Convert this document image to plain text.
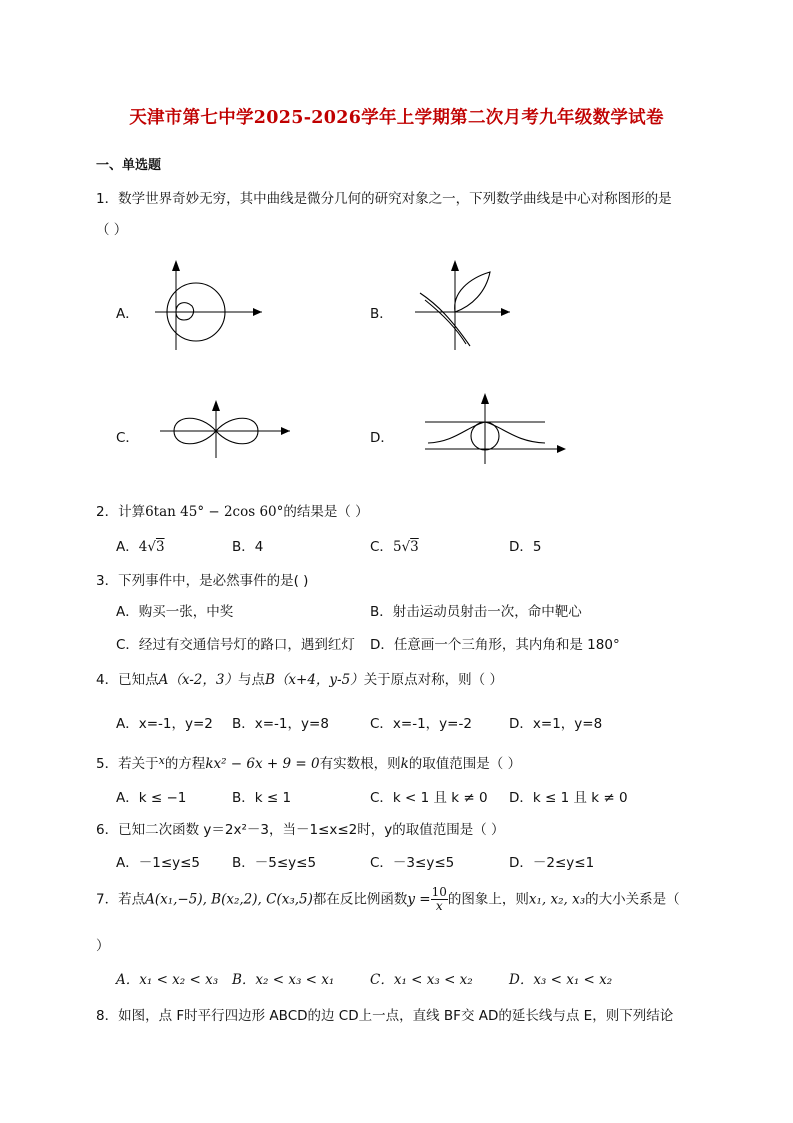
天津市第七中学2025-2026学年上学期第二次月考九年级数学试卷
一、单选题
1．数学世界奇妙无穷，其中曲线是微分几何的研究对象之一，下列数学曲线是中心对称图形的是
（ ）
A．	B．
C．	D．
2．计算6tan 45° − 2cos 60°的结果是（ ）
A．4√3	B．4	C．5√3	D．5
3．下列事件中，是必然事件的是( )
A．购买一张，中奖	B．射击运动员射击一次，命中靶心
C．经过有交通信号灯的路口，遇到红灯 D．任意画一个三角形，其内角和是 180°
4．已知点A（x-2，3）与点B（x+4，y-5）关于原点对称，则（ ）
A．x=-1，y=2 B．x=-1，y=8	C．x=-1，y=-2	D．x=1，y=8
5．若关于$^x$的方程kx² − 6x + 9 = 0有实数根，则k的取值范围是（ ）
A．k ≤ −1	B．k ≤ 1	C．k < 1 且 k ≠ 0 D．k ≤ 1 且 k ≠ 0
6．已知二次函数 y＝2x²－3，当－1≤x≤2时，y的取值范围是（ ）
A．－1≤y≤5 B．－5≤y≤5	C．－3≤y≤5	D．－2≤y≤1
7．若点A(x₁,−5), B(x₂,2), C(x₃,5)都在反比例函数$y = \frac{10}{x}$ 的图象上，则x₁, x₂, x₃的大小关系是（
）
A．x₁ < x₂ < x₃ B．x₂ < x₃ < x₁	C．x₁ < x₃ < x₂	D．x₃ < x₁ < x₂
8．如图，点 F时平行四边形 ABCD的边 CD上一点，直线 BF交 AD的延长线与点 E，则下列结论
